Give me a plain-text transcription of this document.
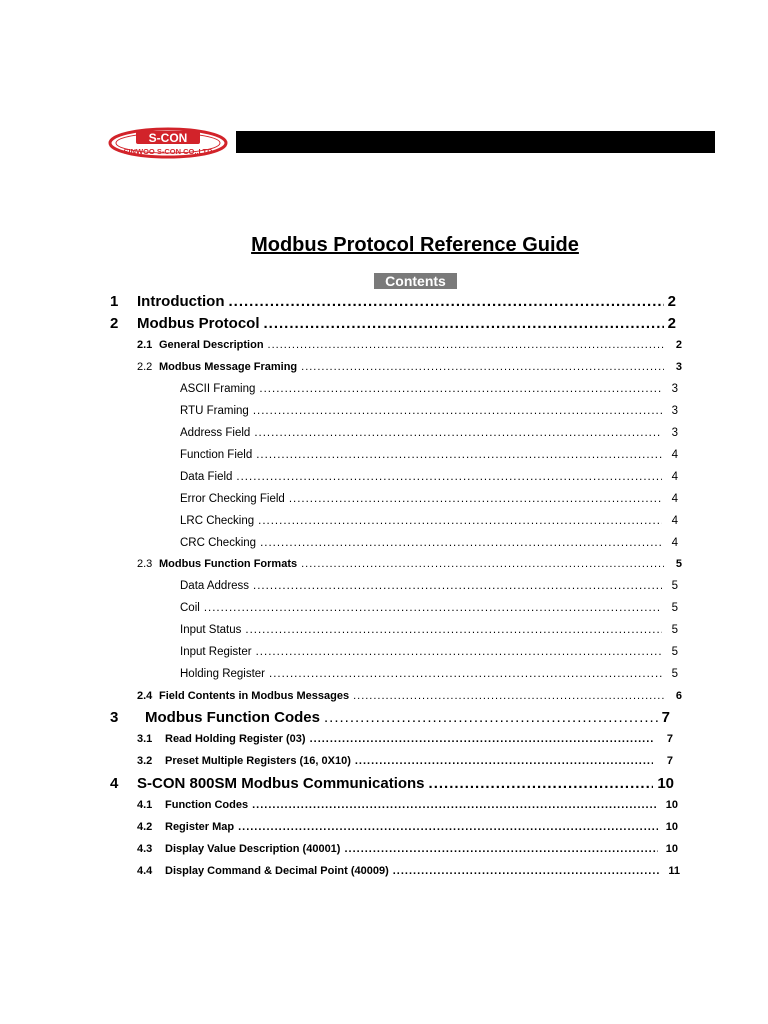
S-CON
SINWOO S-CON CO.,LTD
Modbus Protocol Reference Guide
Contents
1	Introduction .....	2
2	Modbus Protocol .....	2
2.1 General Description .....	2
2.2 Modbus Message Framing .....	3
ASCII Framing .....	3
RTU Framing .....	3
Address Field .....	3
Function Field .....	4
Data Field .....	4
Error Checking Field .....	4
LRC Checking .....	4
CRC Checking .....	4
2.3 Modbus Function Formats .....	5
Data Address .....	5
Coil .....	5
Input Status .....	5
Input Register .....	5
Holding Register .....	5
2.4 Field Contents in Modbus Messages .....	6
3	Modbus Function Codes .....	7
3.1	Read Holding Register (03) .....	7
3.2	Preset Multiple Registers (16, 0X10) .....	7
4	S-CON 800SM Modbus Communications .....	10
4.1	Function Codes .....	10
4.2	Register Map .....	10
4.3	Display Value Description (40001) .....	10
4.4	Display Command & Decimal Point (40009) .....	11
